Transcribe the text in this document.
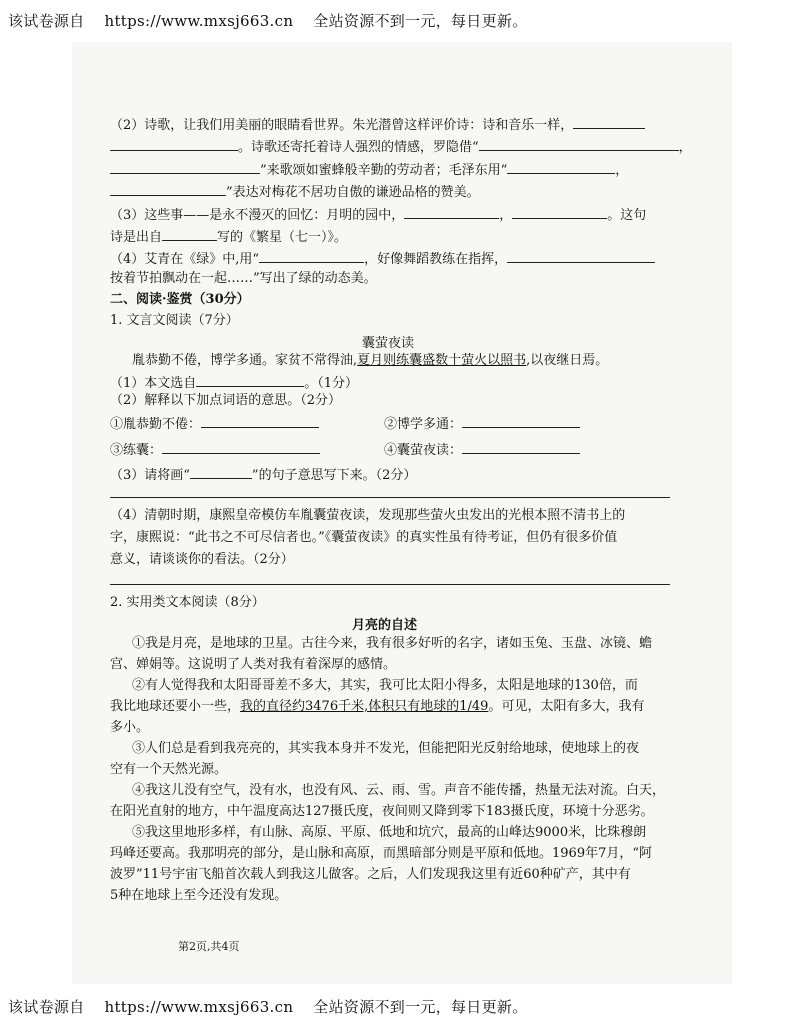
该试卷源自 https://www.mxsj663.cn 全站资源不到一元，每日更新。
（2）诗歌，让我们用美丽的眼睛看世界。朱光潜曾这样评价诗：诗和音乐一样，
。诗歌还寄托着诗人强烈的情感，罗隐借“	，
”来歌颂如蜜蜂般辛勤的劳动者；毛泽东用“	，
”表达对梅花不居功自傲的谦逊品格的赞美。
（3）这些事——是永不漫灭的回忆：月明的园中，	，	。这句
诗是出自	写的《繁星（七一）》。
（4）艾青在《绿》中,用“	，好像舞蹈教练在指挥，
按着节拍飘动在一起……”写出了绿的动态美。
二、阅读·鉴赏（30分）
1. 文言文阅读（7分）
囊萤夜读
胤恭勤不倦，博学多通。家贫不常得油,夏月则练囊盛数十萤火以照书,以夜继日焉。
（1）本文选自	。（1分）
（2）解释以下加点词语的意思。（2分）
①胤恭勤不倦：	②博学多通：
③练囊：	④囊萤夜读：
（3）请将画“	”的句子意思写下来。（2分）
（4）清朝时期，康熙皇帝模仿车胤囊萤夜读，发现那些萤火虫发出的光根本照不清书上的
字，康熙说：“此书之不可尽信者也。”《囊萤夜读》的真实性虽有待考证，但仍有很多价值
意义，请谈谈你的看法。（2分）
2. 实用类文本阅读（8分）
月亮的自述
①我是月亮，是地球的卫星。古往今来，我有很多好听的名字，诸如玉兔、玉盘、冰镜、蟾
宫、婵娟等。这说明了人类对我有着深厚的感情。
②有人觉得我和太阳哥哥差不多大，其实，我可比太阳小得多，太阳是地球的130倍，而
我比地球还要小一些，我的直径约3476千米,体积只有地球的1/49。可见，太阳有多大，我有
多小。
③人们总是看到我亮亮的，其实我本身并不发光，但能把阳光反射给地球，使地球上的夜
空有一个天然光源。
④我这儿没有空气，没有水，也没有风、云、雨、雪。声音不能传播，热量无法对流。白天，
在阳光直射的地方，中午温度高达127摄氏度，夜间则又降到零下183摄氏度，环境十分恶劣。
⑤我这里地形多样，有山脉、高原、平原、低地和坑穴，最高的山峰达9000米，比珠穆朗
玛峰还要高。我那明亮的部分，是山脉和高原，而黑暗部分则是平原和低地。1969年7月，“阿
波罗”11号宇宙飞船首次载人到我这儿做客。之后，人们发现我这里有近60种矿产，其中有
5种在地球上至今还没有发现。
第2页,共4页
该试卷源自 https://www.mxsj663.cn 全站资源不到一元，每日更新。
